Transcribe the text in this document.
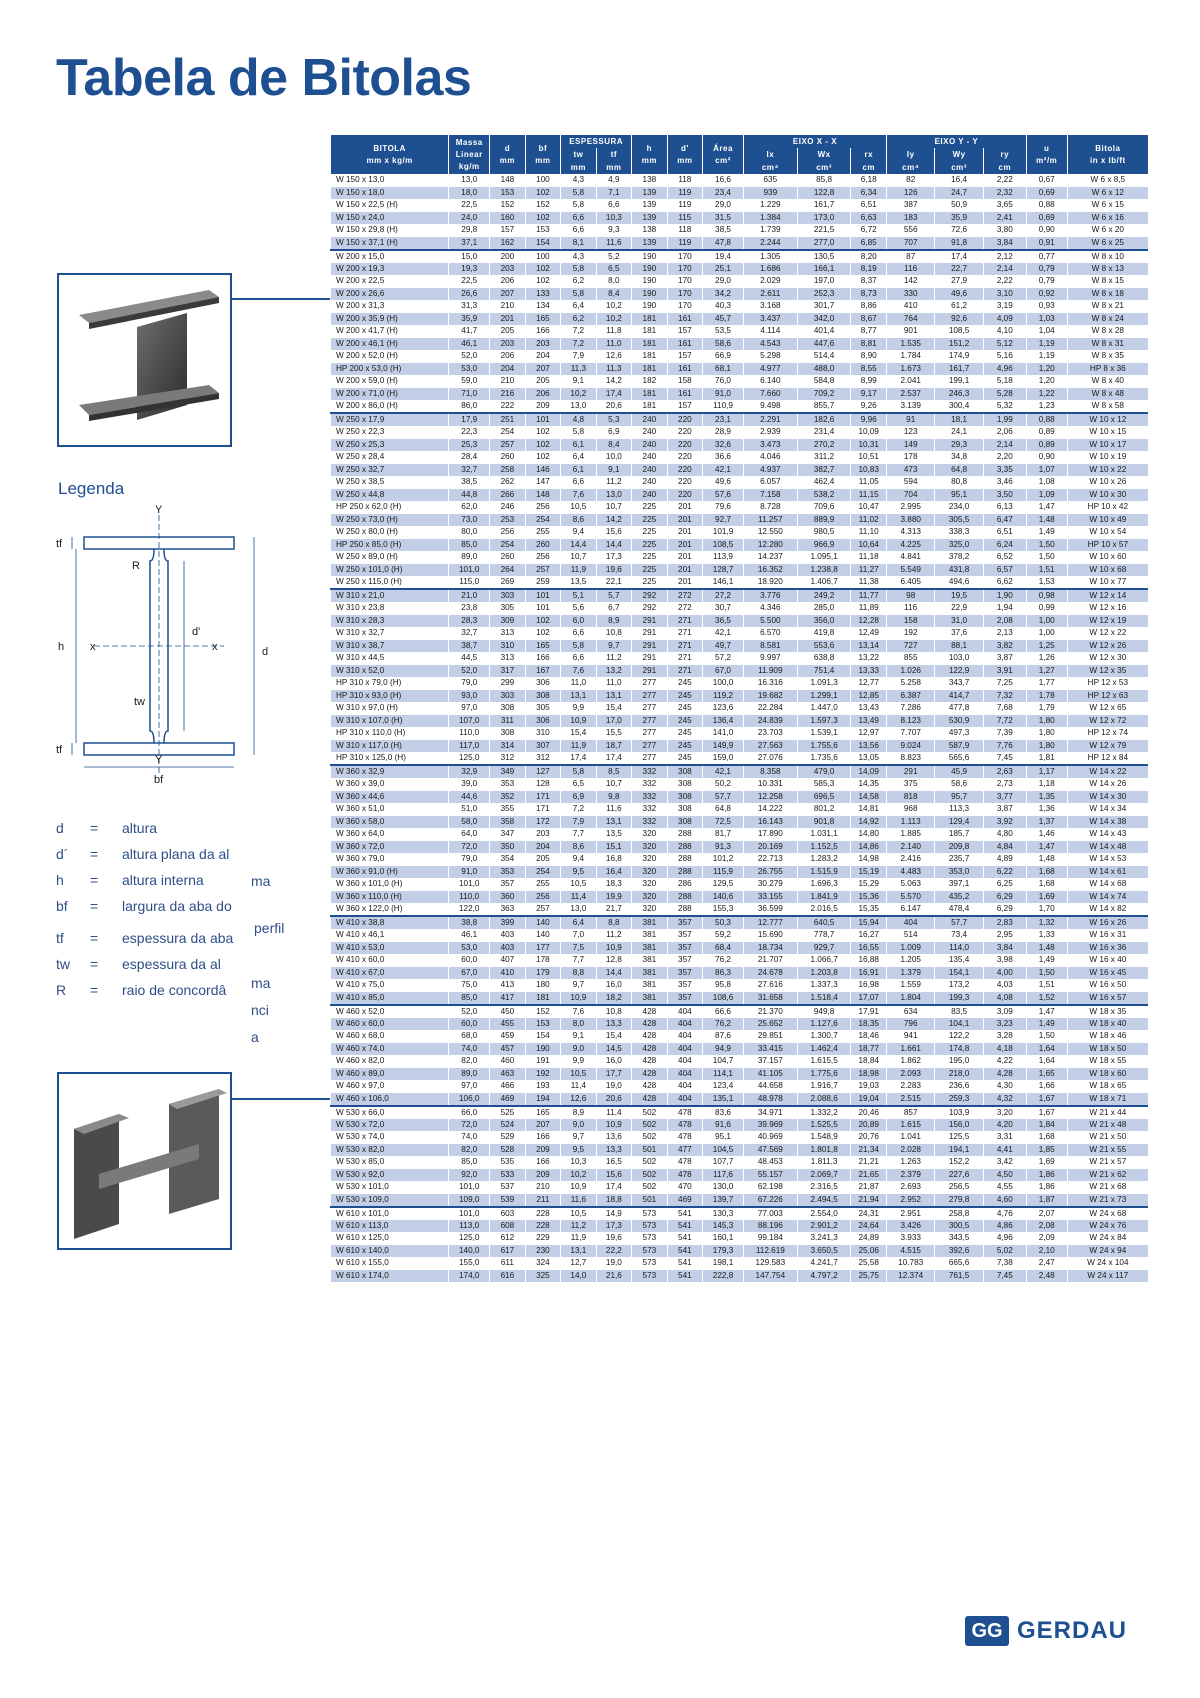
Tabela de Bitolas
Legenda
tf
R
x	x
d'
h	d
tw
tf
Y
Y
bf
d	= altura
d´	= altura plana da al
h	= altura interna
bf	= largura da aba do
tf	= espessura da aba
tw	= espessura da al
R	= raio de concordâ
ma
perfil
ma
nci
a
BITOLA
mm x kg/m	Massa Linear
kg/m	d
mm	bf
mm	ESPESSURA		h
mm	d'
mm	Área
cm²	EIXO X - X			EIXO Y - Y			u
m²/m	Bitola
in x lb/ft
				tw	tf				Ix	Wx	rx	Iy	Wy	ry		
				mm	mm				cm⁴	cm³	cm	cm⁴	cm³	cm		
W 150 x 13,0	13,0	148	100	4,3	4,9	138	118	16,6	635	85,8	6,18	82	16,4	2,22	0,67	W 6 x 8,5
W 150 x 18,0	18,0	153	102	5,8	7,1	139	119	23,4	939	122,8	6,34	126	24,7	2,32	0,69	W 6 x 12
W 150 x 22,5 (H)	22,5	152	152	5,8	6,6	139	119	29,0	1.229	161,7	6,51	387	50,9	3,65	0,88	W 6 x 15
W 150 x 24,0	24,0	160	102	6,6	10,3	139	115	31,5	1.384	173,0	6,63	183	35,9	2,41	0,69	W 6 x 16
W 150 x 29,8 (H)	29,8	157	153	6,6	9,3	138	118	38,5	1.739	221,5	6,72	556	72,6	3,80	0,90	W 6 x 20
W 150 x 37,1 (H)	37,1	162	154	8,1	11,6	139	119	47,8	2.244	277,0	6,85	707	91,8	3,84	0,91	W 6 x 25
W 200 x 15,0	15,0	200	100	4,3	5,2	190	170	19,4	1.305	130,5	8,20	87	17,4	2,12	0,77	W 8 x 10
W 200 x 19,3	19,3	203	102	5,8	6,5	190	170	25,1	1.686	166,1	8,19	116	22,7	2,14	0,79	W 8 x 13
W 200 x 22,5	22,5	206	102	6,2	8,0	190	170	29,0	2.029	197,0	8,37	142	27,9	2,22	0,79	W 8 x 15
W 200 x 26,6	26,6	207	133	5,8	8,4	190	170	34,2	2.611	252,3	8,73	330	49,6	3,10	0,92	W 8 x 18
W 200 x 31,3	31,3	210	134	6,4	10,2	190	170	40,3	3.168	301,7	8,86	410	61,2	3,19	0,93	W 8 x 21
W 200 x 35,9 (H)	35,9	201	165	6,2	10,2	181	161	45,7	3.437	342,0	8,67	764	92,6	4,09	1,03	W 8 x 24
W 200 x 41,7 (H)	41,7	205	166	7,2	11,8	181	157	53,5	4.114	401,4	8,77	901	108,5	4,10	1,04	W 8 x 28
W 200 x 46,1 (H)	46,1	203	203	7,2	11,0	181	161	58,6	4.543	447,6	8,81	1.535	151,2	5,12	1,19	W 8 x 31
W 200 x 52,0 (H)	52,0	206	204	7,9	12,6	181	157	66,9	5.298	514,4	8,90	1.784	174,9	5,16	1,19	W 8 x 35
HP 200 x 53,0 (H)	53,0	204	207	11,3	11,3	181	161	68,1	4.977	488,0	8,55	1.673	161,7	4,96	1,20	HP 8 x 36
W 200 x 59,0 (H)	59,0	210	205	9,1	14,2	182	158	76,0	6.140	584,8	8,99	2.041	199,1	5,18	1,20	W 8 x 40
W 200 x 71,0 (H)	71,0	216	206	10,2	17,4	181	161	91,0	7.660	709,2	9,17	2.537	246,3	5,28	1,22	W 8 x 48
W 200 x 86,0 (H)	86,0	222	209	13,0	20,6	181	157	110,9	9.498	855,7	9,26	3.139	300,4	5,32	1,23	W 8 x 58
W 250 x 17,9	17,9	251	101	4,8	5,3	240	220	23,1	2.291	182,6	9,96	91	18,1	1,99	0,88	W 10 x 12
W 250 x 22,3	22,3	254	102	5,8	6,9	240	220	28,9	2.939	231,4	10,09	123	24,1	2,06	0,89	W 10 x 15
W 250 x 25,3	25,3	257	102	6,1	8,4	240	220	32,6	3.473	270,2	10,31	149	29,3	2,14	0,89	W 10 x 17
W 250 x 28,4	28,4	260	102	6,4	10,0	240	220	36,6	4.046	311,2	10,51	178	34,8	2,20	0,90	W 10 x 19
W 250 x 32,7	32,7	258	146	6,1	9,1	240	220	42,1	4.937	382,7	10,83	473	64,8	3,35	1,07	W 10 x 22
W 250 x 38,5	38,5	262	147	6,6	11,2	240	220	49,6	6.057	462,4	11,05	594	80,8	3,46	1,08	W 10 x 26
W 250 x 44,8	44,8	266	148	7,6	13,0	240	220	57,6	7.158	538,2	11,15	704	95,1	3,50	1,09	W 10 x 30
HP 250 x 62,0 (H)	62,0	246	256	10,5	10,7	225	201	79,6	8.728	709,6	10,47	2.995	234,0	6,13	1,47	HP 10 x 42
W 250 x 73,0 (H)	73,0	253	254	8,6	14,2	225	201	92,7	11.257	889,9	11,02	3.880	305,5	6,47	1,48	W 10 x 49
W 250 x 80,0 (H)	80,0	256	255	9,4	15,6	225	201	101,9	12.550	980,5	11,10	4.313	338,3	6,51	1,49	W 10 x 54
HP 250 x 85,0 (H)	85,0	254	260	14,4	14,4	225	201	108,5	12.280	966,9	10,64	4.225	325,0	6,24	1,50	HP 10 x 57
W 250 x 89,0 (H)	89,0	260	256	10,7	17,3	225	201	113,9	14.237	1.095,1	11,18	4.841	378,2	6,52	1,50	W 10 x 60
W 250 x 101,0 (H)	101,0	264	257	11,9	19,6	225	201	128,7	16.352	1.238,8	11,27	5.549	431,8	6,57	1,51	W 10 x 68
W 250 x 115,0 (H)	115,0	269	259	13,5	22,1	225	201	146,1	18.920	1.406,7	11,38	6.405	494,6	6,62	1,53	W 10 x 77
W 310 x 21,0	21,0	303	101	5,1	5,7	292	272	27,2	3.776	249,2	11,77	98	19,5	1,90	0,98	W 12 x 14
W 310 x 23,8	23,8	305	101	5,6	6,7	292	272	30,7	4.346	285,0	11,89	116	22,9	1,94	0,99	W 12 x 16
W 310 x 28,3	28,3	309	102	6,0	8,9	291	271	36,5	5.500	356,0	12,28	158	31,0	2,08	1,00	W 12 x 19
W 310 x 32,7	32,7	313	102	6,6	10,8	291	271	42,1	6.570	419,8	12,49	192	37,6	2,13	1,00	W 12 x 22
W 310 x 38,7	38,7	310	165	5,8	9,7	291	271	49,7	8.581	553,6	13,14	727	88,1	3,82	1,25	W 12 x 26
W 310 x 44,5	44,5	313	166	6,6	11,2	291	271	57,2	9.997	638,8	13,22	855	103,0	3,87	1,26	W 12 x 30
W 310 x 52,0	52,0	317	167	7,6	13,2	291	271	67,0	11.909	751,4	13,33	1.026	122,9	3,91	1,27	W 12 x 35
HP 310 x 79,0 (H)	79,0	299	306	11,0	11,0	277	245	100,0	16.316	1.091,3	12,77	5.258	343,7	7,25	1,77	HP 12 x 53
HP 310 x 93,0 (H)	93,0	303	308	13,1	13,1	277	245	119,2	19.682	1.299,1	12,85	6.387	414,7	7,32	1,78	HP 12 x 63
W 310 x 97,0 (H)	97,0	308	305	9,9	15,4	277	245	123,6	22.284	1.447,0	13,43	7.286	477,8	7,68	1,79	W 12 x 65
W 310 x 107,0 (H)	107,0	311	306	10,9	17,0	277	245	136,4	24.839	1.597,3	13,49	8.123	530,9	7,72	1,80	W 12 x 72
HP 310 x 110,0 (H)	110,0	308	310	15,4	15,5	277	245	141,0	23.703	1.539,1	12,97	7.707	497,3	7,39	1,80	HP 12 x 74
W 310 x 117,0 (H)	117,0	314	307	11,9	18,7	277	245	149,9	27.563	1.755,6	13,56	9.024	587,9	7,76	1,80	W 12 x 79
HP 310 x 125,0 (H)	125,0	312	312	17,4	17,4	277	245	159,0	27.076	1.735,6	13,05	8.823	565,6	7,45	1,81	HP 12 x 84
W 360 x 32,9	32,9	349	127	5,8	8,5	332	308	42,1	8.358	479,0	14,09	291	45,9	2,63	1,17	W 14 x 22
W 360 x 39,0	39,0	353	128	6,5	10,7	332	308	50,2	10.331	585,3	14,35	375	58,6	2,73	1,18	W 14 x 26
W 360 x 44,6	44,6	352	171	6,9	9,8	332	308	57,7	12.258	696,5	14,58	818	95,7	3,77	1,35	W 14 x 30
W 360 x 51,0	51,0	355	171	7,2	11,6	332	308	64,8	14.222	801,2	14,81	968	113,3	3,87	1,36	W 14 x 34
W 360 x 58,0	58,0	358	172	7,9	13,1	332	308	72,5	16.143	901,8	14,92	1.113	129,4	3,92	1,37	W 14 x 38
W 360 x 64,0	64,0	347	203	7,7	13,5	320	288	81,7	17.890	1.031,1	14,80	1.885	185,7	4,80	1,46	W 14 x 43
W 360 x 72,0	72,0	350	204	8,6	15,1	320	288	91,3	20.169	1.152,5	14,86	2.140	209,8	4,84	1,47	W 14 x 48
W 360 x 79,0	79,0	354	205	9,4	16,8	320	288	101,2	22.713	1.283,2	14,98	2.416	235,7	4,89	1,48	W 14 x 53
W 360 x 91,0 (H)	91,0	353	254	9,5	16,4	320	288	115,9	26.755	1.515,9	15,19	4.483	353,0	6,22	1,68	W 14 x 61
W 360 x 101,0 (H)	101,0	357	255	10,5	18,3	320	286	129,5	30.279	1.696,3	15,29	5.063	397,1	6,25	1,68	W 14 x 68
W 360 x 110,0 (H)	110,0	360	256	11,4	19,9	320	288	140,6	33.155	1.841,9	15,36	5.570	435,2	6,29	1,69	W 14 x 74
W 360 x 122,0 (H)	122,0	363	257	13,0	21,7	320	288	155,3	36.599	2.016,5	15,35	6.147	478,4	6,29	1,70	W 14 x 82
W 410 x 38,8	38,8	399	140	6,4	8,8	381	357	50,3	12.777	640,5	15,94	404	57,7	2,83	1,32	W 16 x 26
W 410 x 46,1	46,1	403	140	7,0	11,2	381	357	59,2	15.690	778,7	16,27	514	73,4	2,95	1,33	W 16 x 31
W 410 x 53,0	53,0	403	177	7,5	10,9	381	357	68,4	18.734	929,7	16,55	1.009	114,0	3,84	1,48	W 16 x 36
W 410 x 60,0	60,0	407	178	7,7	12,8	381	357	76,2	21.707	1.066,7	16,88	1.205	135,4	3,98	1,49	W 16 x 40
W 410 x 67,0	67,0	410	179	8,8	14,4	381	357	86,3	24.678	1.203,8	16,91	1.379	154,1	4,00	1,50	W 16 x 45
W 410 x 75,0	75,0	413	180	9,7	16,0	381	357	95,8	27.616	1.337,3	16,98	1.559	173,2	4,03	1,51	W 16 x 50
W 410 x 85,0	85,0	417	181	10,9	18,2	381	357	108,6	31.658	1.518,4	17,07	1.804	199,3	4,08	1,52	W 16 x 57
W 460 x 52,0	52,0	450	152	7,6	10,8	428	404	66,6	21.370	949,8	17,91	634	83,5	3,09	1,47	W 18 x 35
W 460 x 60,0	60,0	455	153	8,0	13,3	428	404	76,2	25.652	1.127,6	18,35	796	104,1	3,23	1,49	W 18 x 40
W 460 x 68,0	68,0	459	154	9,1	15,4	428	404	87,6	29.851	1.300,7	18,46	941	122,2	3,28	1,50	W 18 x 46
W 460 x 74,0	74,0	457	190	9,0	14,5	428	404	94,9	33.415	1.462,4	18,77	1.661	174,8	4,18	1,64	W 18 x 50
W 460 x 82,0	82,0	460	191	9,9	16,0	428	404	104,7	37.157	1.615,5	18,84	1.862	195,0	4,22	1,64	W 18 x 55
W 460 x 89,0	89,0	463	192	10,5	17,7	428	404	114,1	41.105	1.775,6	18,98	2.093	218,0	4,28	1,65	W 18 x 60
W 460 x 97,0	97,0	466	193	11,4	19,0	428	404	123,4	44.658	1.916,7	19,03	2.283	236,6	4,30	1,66	W 18 x 65
W 460 x 106,0	106,0	469	194	12,6	20,6	428	404	135,1	48.978	2.088,6	19,04	2.515	259,3	4,32	1,67	W 18 x 71
W 530 x 66,0	66,0	525	165	8,9	11,4	502	478	83,6	34.971	1.332,2	20,46	857	103,9	3,20	1,67	W 21 x 44
W 530 x 72,0	72,0	524	207	9,0	10,9	502	478	91,6	39.969	1.525,5	20,89	1.615	156,0	4,20	1,84	W 21 x 48
W 530 x 74,0	74,0	529	166	9,7	13,6	502	478	95,1	40.969	1.548,9	20,76	1.041	125,5	3,31	1,68	W 21 x 50
W 530 x 82,0	82,0	528	209	9,5	13,3	501	477	104,5	47.569	1.801,8	21,34	2.028	194,1	4,41	1,85	W 21 x 55
W 530 x 85,0	85,0	535	166	10,3	16,5	502	478	107,7	48.453	1.811,3	21,21	1.263	152,2	3,42	1,69	W 21 x 57
W 530 x 92,0	92,0	533	209	10,2	15,6	502	478	117,6	55.157	2.069,7	21,65	2.379	227,6	4,50	1,86	W 21 x 62
W 530 x 101,0	101,0	537	210	10,9	17,4	502	470	130,0	62.198	2.316,5	21,87	2.693	256,5	4,55	1,86	W 21 x 68
W 530 x 109,0	109,0	539	211	11,6	18,8	501	469	139,7	67.226	2.494,5	21,94	2.952	279,8	4,60	1,87	W 21 x 73
W 610 x 101,0	101,0	603	228	10,5	14,9	573	541	130,3	77.003	2.554,0	24,31	2.951	258,8	4,76	2,07	W 24 x 68
W 610 x 113,0	113,0	608	228	11,2	17,3	573	541	145,3	88.196	2.901,2	24,64	3.426	300,5	4,86	2,08	W 24 x 76
W 610 x 125,0	125,0	612	229	11,9	19,6	573	541	160,1	99.184	3.241,3	24,89	3.933	343,5	4,96	2,09	W 24 x 84
W 610 x 140,0	140,0	617	230	13,1	22,2	573	541	179,3	112.619	3.650,5	25,06	4.515	392,6	5,02	2,10	W 24 x 94
W 610 x 155,0	155,0	611	324	12,7	19,0	573	541	198,1	129.583	4.241,7	25,58	10.783	665,6	7,38	2,47	W 24 x 104
W 610 x 174,0	174,0	616	325	14,0	21,6	573	541	222,8	147.754	4.797,2	25,75	12.374	761,5	7,45	2,48	W 24 x 117
GG GERDAU
